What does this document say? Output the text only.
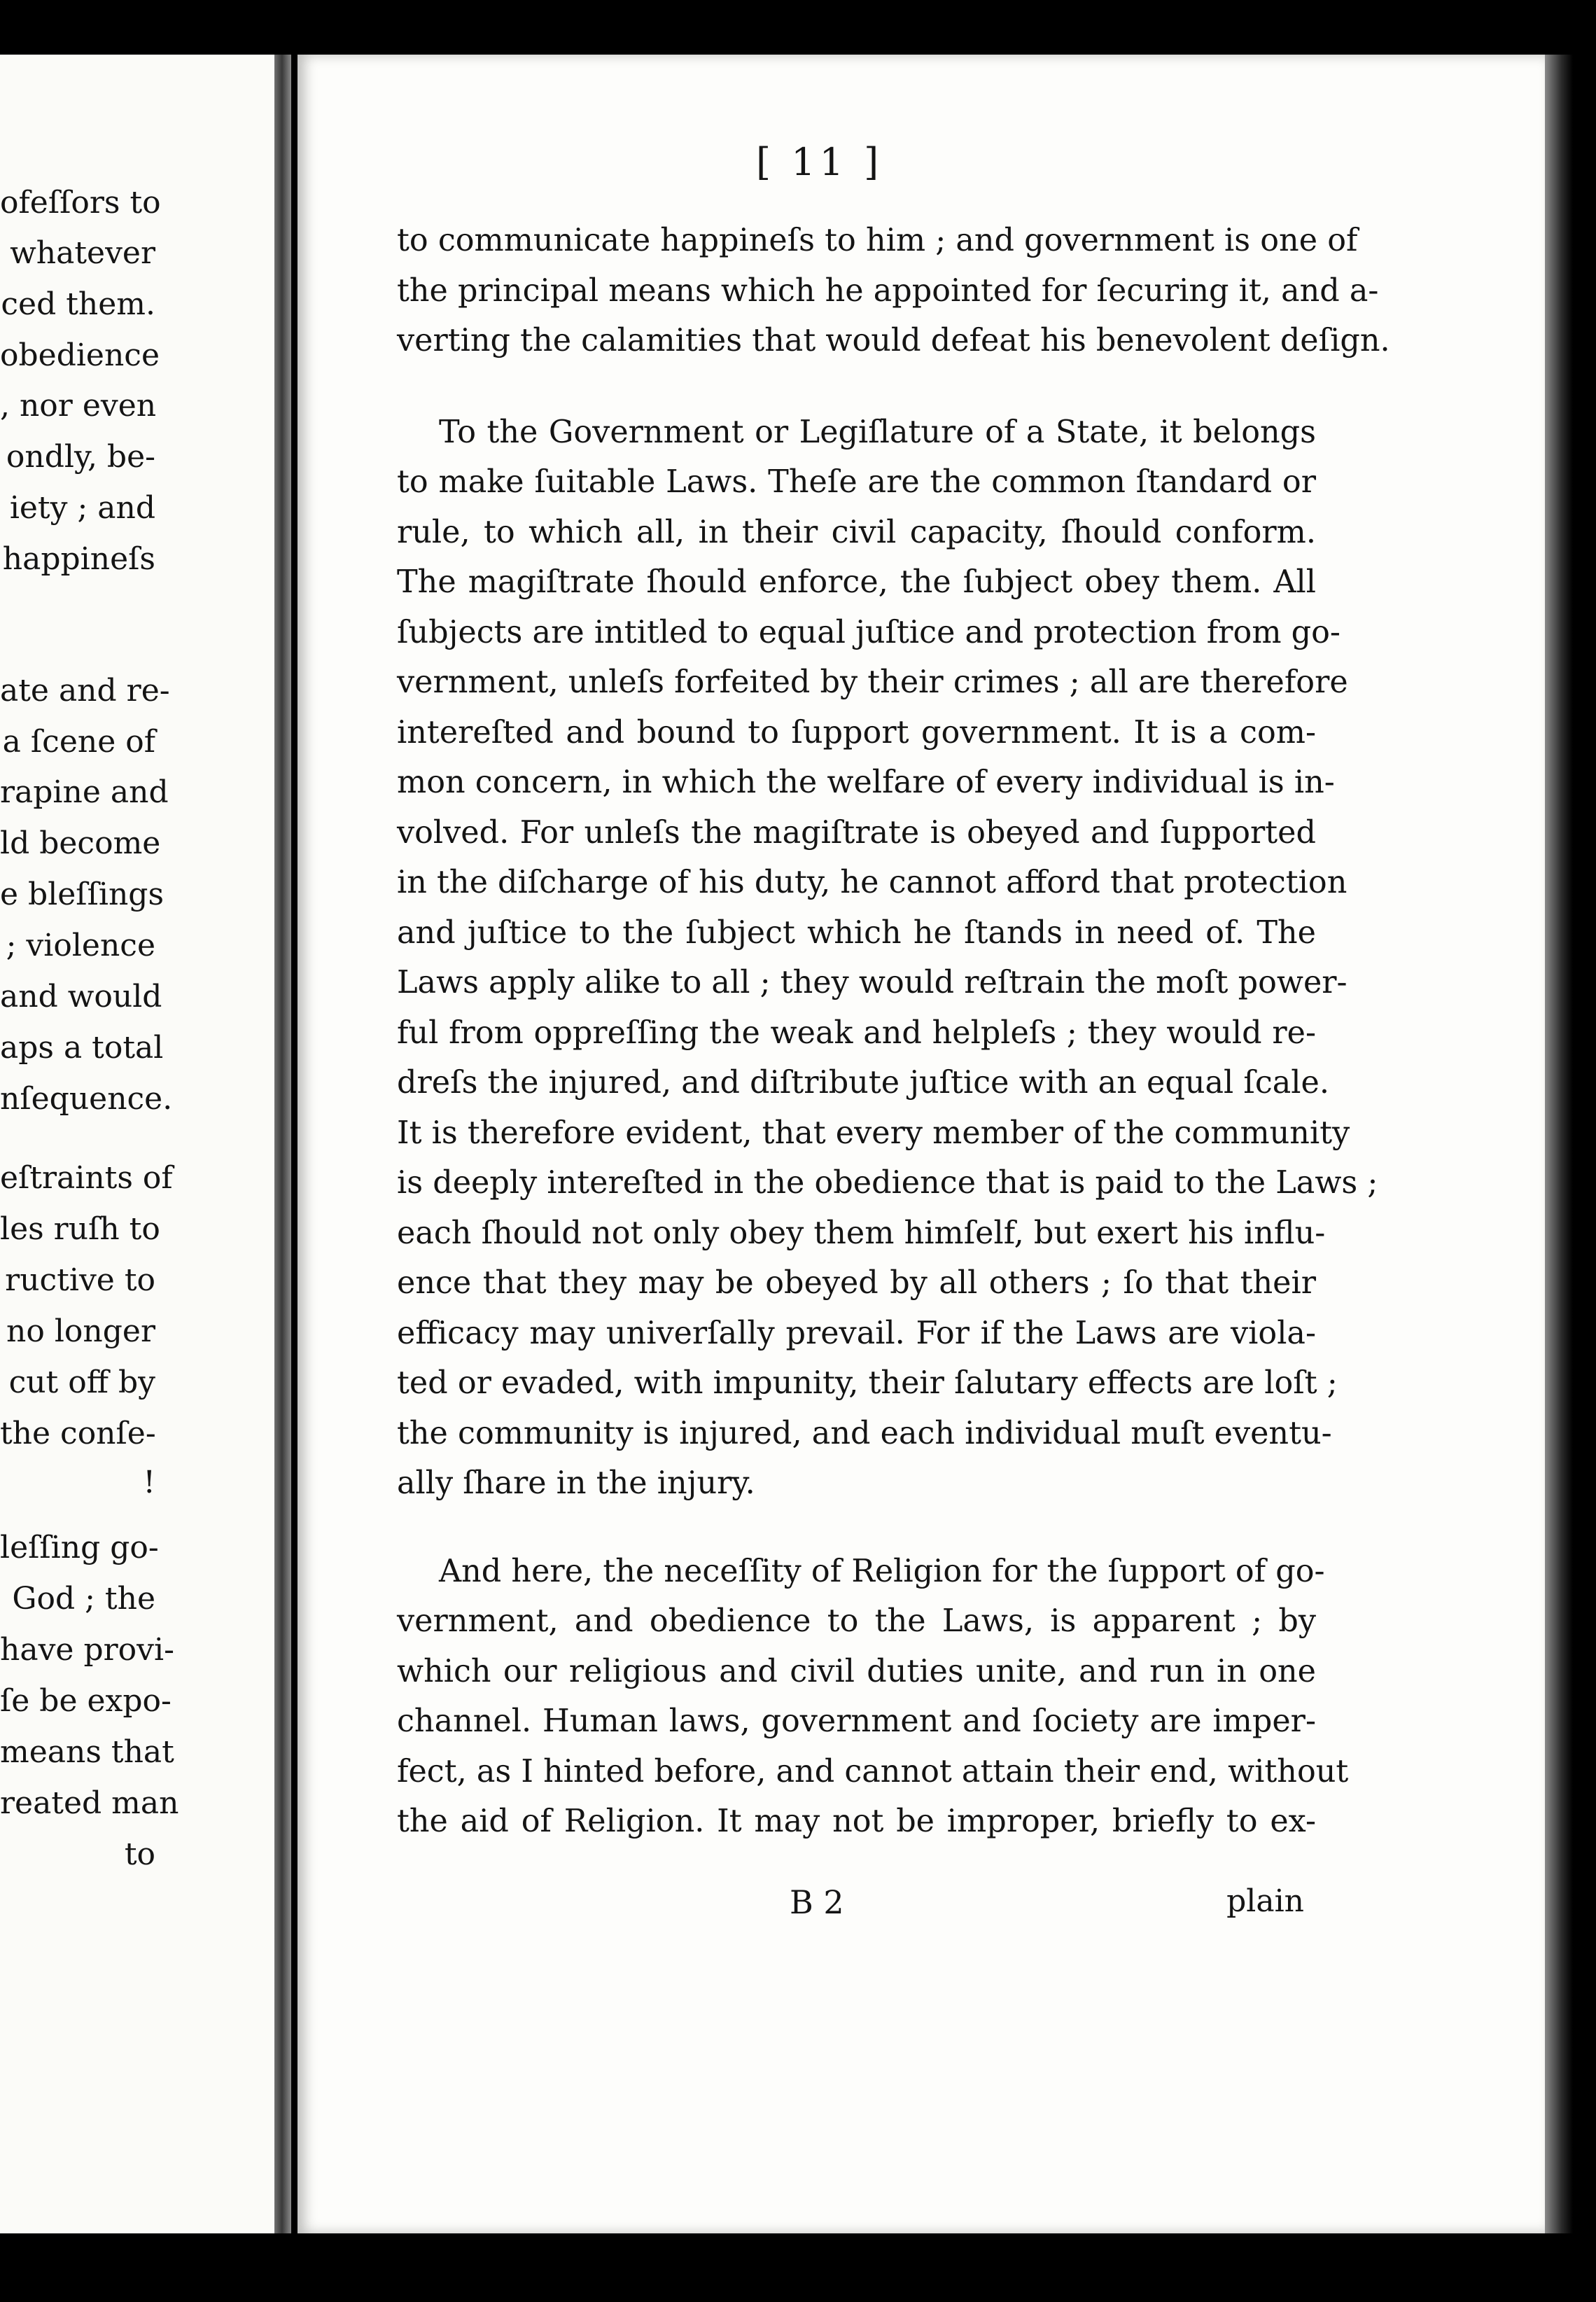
ofeſſors to
whatever
ced them.
obedience
, nor even
ondly, be-
iety ; and
happineſs
ate and re-
a ſcene of
rapine and
ld become
e bleſſings
; violence
and would
aps a total
nſequence.
eſtraints of
les ruſh to
ructive to
no longer
cut off by
the conſe-
!
leſſing go-
God ; the
have provi-
ſe be expo-
means that
reated man
to
[ 11 ]

to communicate happineſs to him ; and government is one of
the principal means which he appointed for ſecuring it, and a-
verting the calamities that would defeat his benevolent deſign.

To the Government or Legiſlature of a State, it belongs
to make ſuitable Laws. Theſe are the common ſtandard or
rule, to which all, in their civil capacity, ſhould conform.
The magiſtrate ſhould enforce, the ſubject obey them. All
ſubjects are intitled to equal juſtice and protection from go-
vernment, unleſs forfeited by their crimes ; all are therefore
intereſted and bound to ſupport government. It is a com-
mon concern, in which the welfare of every individual is in-
volved. For unleſs the magiſtrate is obeyed and ſupported
in the diſcharge of his duty, he cannot afford that protection
and juſtice to the ſubject which he ſtands in need of. The
Laws apply alike to all ; they would reſtrain the moſt power-
ful from oppreſſing the weak and helpleſs ; they would re-
dreſs the injured, and diſtribute juſtice with an equal ſcale.
It is therefore evident, that every member of the community
is deeply intereſted in the obedience that is paid to the Laws ;
each ſhould not only obey them himſelf, but exert his influ-
ence that they may be obeyed by all others ; ſo that their
efficacy may univerſally prevail. For if the Laws are viola-
ted or evaded, with impunity, their ſalutary effects are loſt ;
the community is injured, and each individual muſt eventu-
ally ſhare in the injury.

And here, the neceſſity of Religion for the ſupport of go-
vernment, and obedience to the Laws, is apparent ; by
which our religious and civil duties unite, and run in one
channel. Human laws, government and ſociety are imper-
fect, as I hinted before, and cannot attain their end, without
the aid of Religion. It may not be improper, briefly to ex-

B 2	plain
